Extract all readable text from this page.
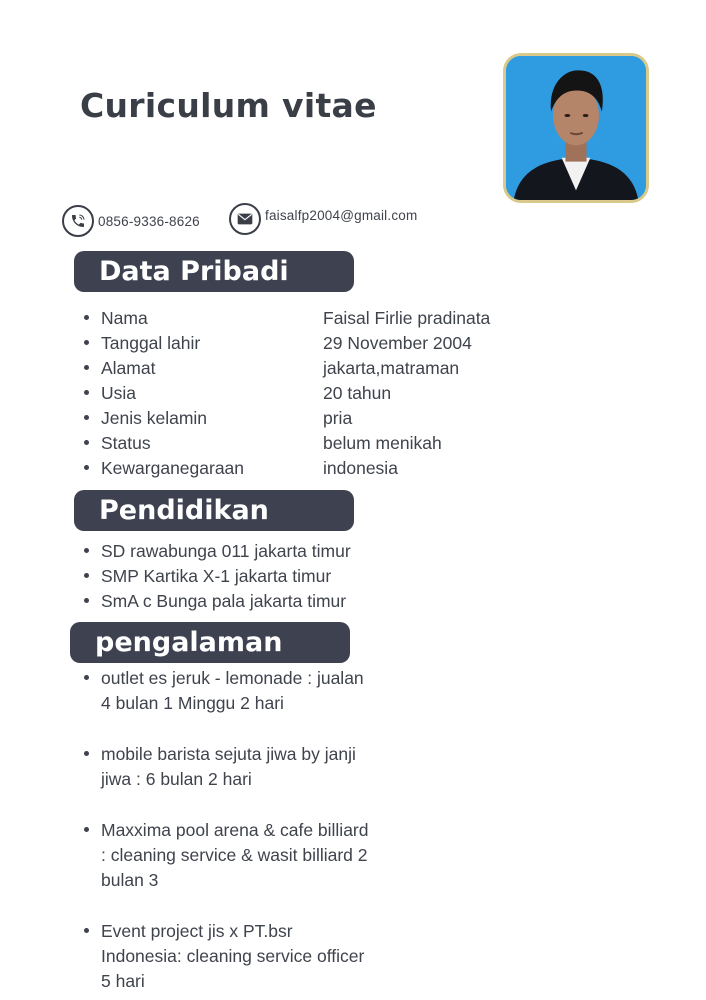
Curiculum vitae
0856-9336-8626	faisalfp2004@gmail.com
Data Pribadi
Nama	Faisal Firlie pradinata
Tanggal lahir	29 November 2004
Alamat	jakarta,matraman
Usia	20 tahun
Jenis kelamin	pria
Status	belum menikah
Kewarganegaraan	indonesia
Pendidikan
SD rawabunga 011 jakarta timur
SMP Kartika X-1 jakarta timur
SmA c Bunga pala jakarta timur
pengalaman
outlet es jeruk - lemonade : jualan
4 bulan 1 Minggu 2 hari
mobile barista sejuta jiwa by janji
jiwa : 6 bulan 2 hari
Maxxima pool arena & cafe billiard
: cleaning service & wasit billiard 2
bulan 3
Event project jis x PT.bsr
Indonesia: cleaning service officer
5 hari
